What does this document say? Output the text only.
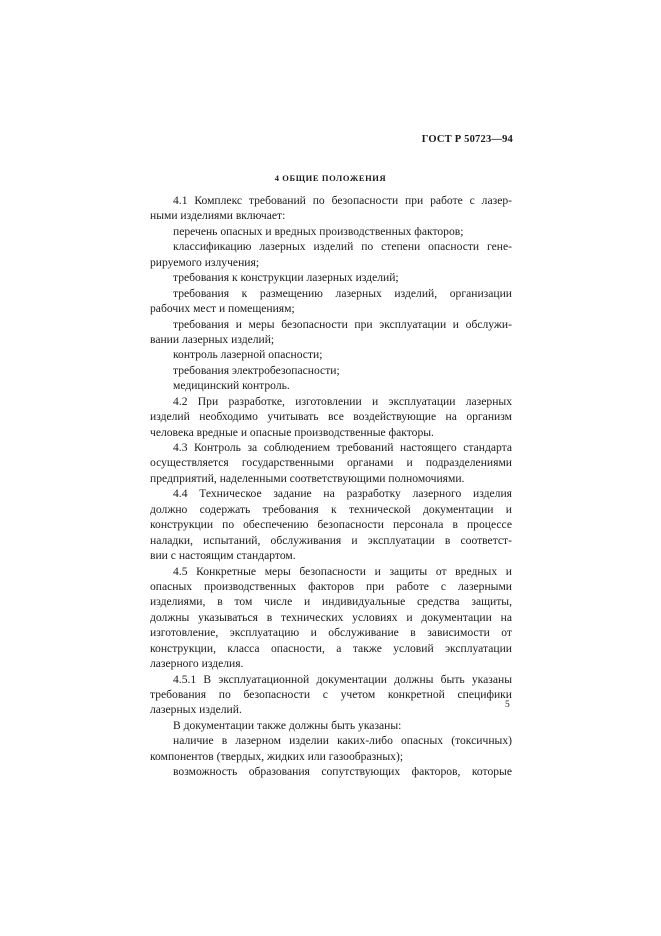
ГОСТ Р 50723—94
4 ОБЩИЕ ПОЛОЖЕНИЯ
4.1 Комплекс требований по безопасности при работе с лазер-
ными изделиями включает:
перечень опасных и вредных производственных факторов;
классификацию лазерных изделий по степени опасности гене-
рируемого излучения;
требования к конструкции лазерных изделий;
требования к размещению лазерных изделий, организации
рабочих мест и помещениям;
требования и меры безопасности при эксплуатации и обслужи-
вании лазерных изделий;
контроль лазерной опасности;
требования электробезопасности;
медицинский контроль.
4.2 При разработке, изготовлении и эксплуатации лазерных
изделий необходимо учитывать все воздействующие на организм
человека вредные и опасные производственные факторы.
4.3 Контроль за соблюдением требований настоящего стандарта
осуществляется государственными органами и подразделениями
предприятий, наделенными соответствующими полномочиями.
4.4 Техническое задание на разработку лазерного изделия
должно содержать требования к технической документации и
конструкции по обеспечению безопасности персонала в процессе
наладки, испытаний, обслуживания и эксплуатации в соответст-
вии с настоящим стандартом.
4.5 Конкретные меры безопасности и защиты от вредных и
опасных производственных факторов при работе с лазерными
изделиями, в том числе и индивидуальные средства защиты,
должны указываться в технических условиях и документации на
изготовление, эксплуатацию и обслуживание в зависимости от
конструкции, класса опасности, а также условий эксплуатации
лазерного изделия.
4.5.1 В эксплуатационной документации должны быть указаны
требования по безопасности с учетом конкретной специфики
лазерных изделий.
В документации также должны быть указаны:
наличие в лазерном изделии каких-либо опасных (токсичных)
компонентов (твердых, жидких или газообразных);
возможность образования сопутствующих факторов, которые
5
